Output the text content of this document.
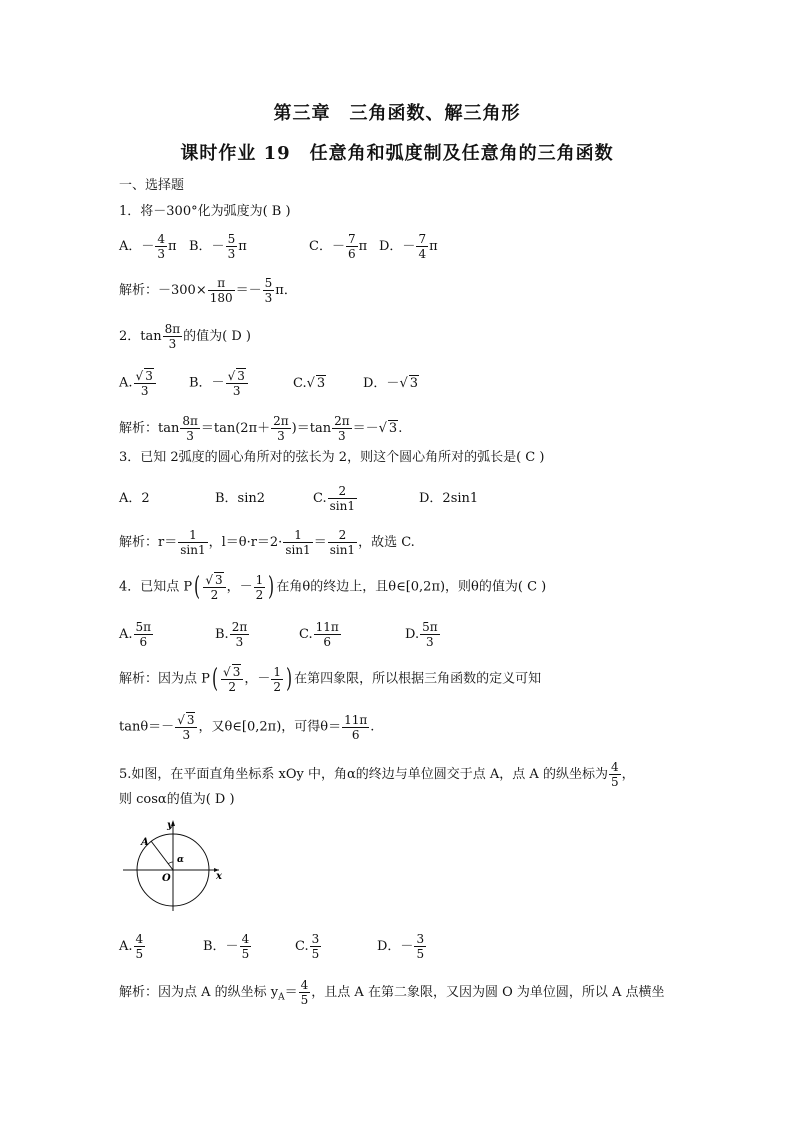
第三章　三角函数、解三角形
课时作业 19　任意角和弧度制及任意角的三角函数
一、选择题
1．将－300°化为弧度为( B )
A．－ $\frac{4}{3}$ π B．－ $\frac{5}{3}$ π	C．－ $\frac{7}{6}$ π D．－ $\frac{7}{4}$ π
解析：$-300\times \frac{\pi}{180} =- \frac{5}{3}$ π．
2．$\tan \frac{8\pi}{3}$ 的值为( D )
A. $\frac{√ 3}{3}$	B．－ $\frac{√ 3}{3}$	C.√ 3	D．－√ 3
解析：$\tan \frac{8\pi}{3} =\tan(2\pi+ \frac{2\pi}{3} )=\tan \frac{2\pi}{3}$ ＝－√ 3.
3．已知 2弧度的圆心角所对的弦长为 2，则这个圆心角所对的弧长是( C )
A．2	B．sin2	C. $\frac{2}{\sin 1}$	D．2sin1
解析：$r= \frac{1}{\sin 1}$ ，$l=\theta\cdot r=2\cdot \frac{1}{\sin 1} = \frac{2}{\sin 1}$ ，故选 C.
4．已知点 $P( \frac{√ 3}{2}$ ，－ $\frac{1}{2}$ ) 在角θ的终边上，且θ∈[0,2π)，则θ的值为( C )
A. $\frac{5\pi}{6}$	B. $\frac{2\pi}{3}$	C. $\frac{11\pi}{6}$	D. $\frac{5\pi}{3}$
解析：因为点 $P( \frac{√ 3}{2}$ ，－ $\frac{1}{2}$ ) 在第四象限，所以根据三角函数的定义可知
$\tan\theta=- \frac{√ 3}{3}$ ，又θ∈[0,2π)，可得$\theta= \frac{11\pi}{6}$ .
5.如图，在平面直角坐标系 xOy 中，角α的终边与单位圆交于点 A，点 A 的纵坐标为 $\frac{4}{5}$ ，
则 cosα的值为( D )
y
x
O
A
α
A. $\frac{4}{5}$	B．－ $\frac{4}{5}$	C. $\frac{3}{5}$	D．－ $\frac{3}{5}$
解析：因为点 A 的纵坐标 $y_A= \frac{4}{5}$ ，且点 A 在第二象限，又因为圆 O 为单位圆，所以 A 点横坐
